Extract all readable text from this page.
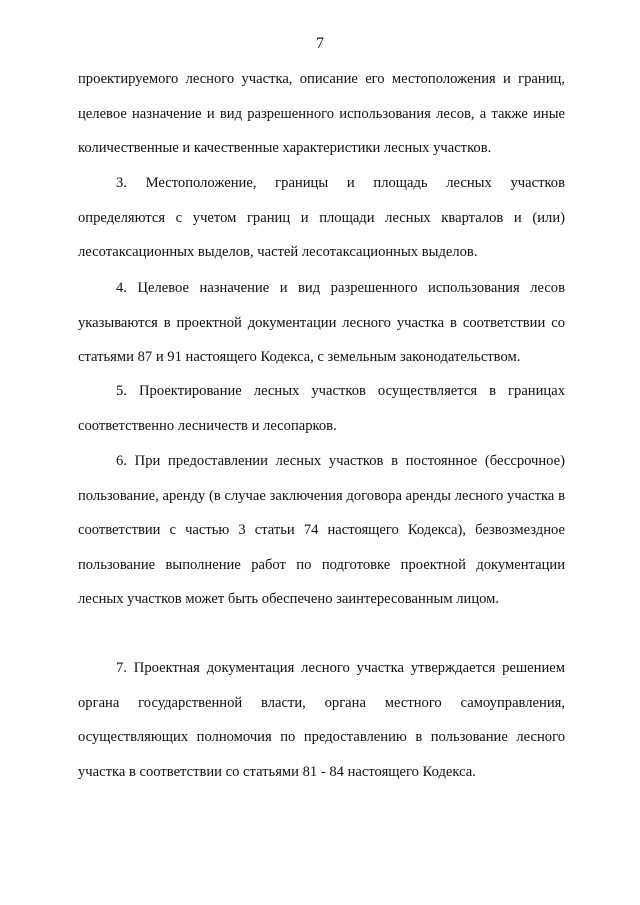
7

проектируемого лесного участка, описание его местоположения и границ, целевое назначение и вид разрешенного использования лесов, а также иные количественные и качественные характеристики лесных участков.

3. Местоположение, границы и площадь лесных участков определяются с учетом границ и площади лесных кварталов и (или) лесотаксационных выделов, частей лесотаксационных выделов.

4. Целевое назначение и вид разрешенного использования лесов указываются в проектной документации лесного участка в соответствии со статьями 87 и 91 настоящего Кодекса, с земельным законодательством.

5. Проектирование лесных участков осуществляется в границах соответственно лесничеств и лесопарков.

6. При предоставлении лесных участков в постоянное (бессрочное) пользование, аренду (в случае заключения договора аренды лесного участка в соответствии с частью 3 статьи 74 настоящего Кодекса), безвозмездное пользование выполнение работ по подготовке проектной документации лесных участков может быть обеспечено заинтересованным лицом.

7. Проектная документация лесного участка утверждается решением органа государственной власти, органа местного самоуправления, осуществляющих полномочия по предоставлению в пользование лесного участка в соответствии со статьями 81 - 84 настоящего Кодекса.
